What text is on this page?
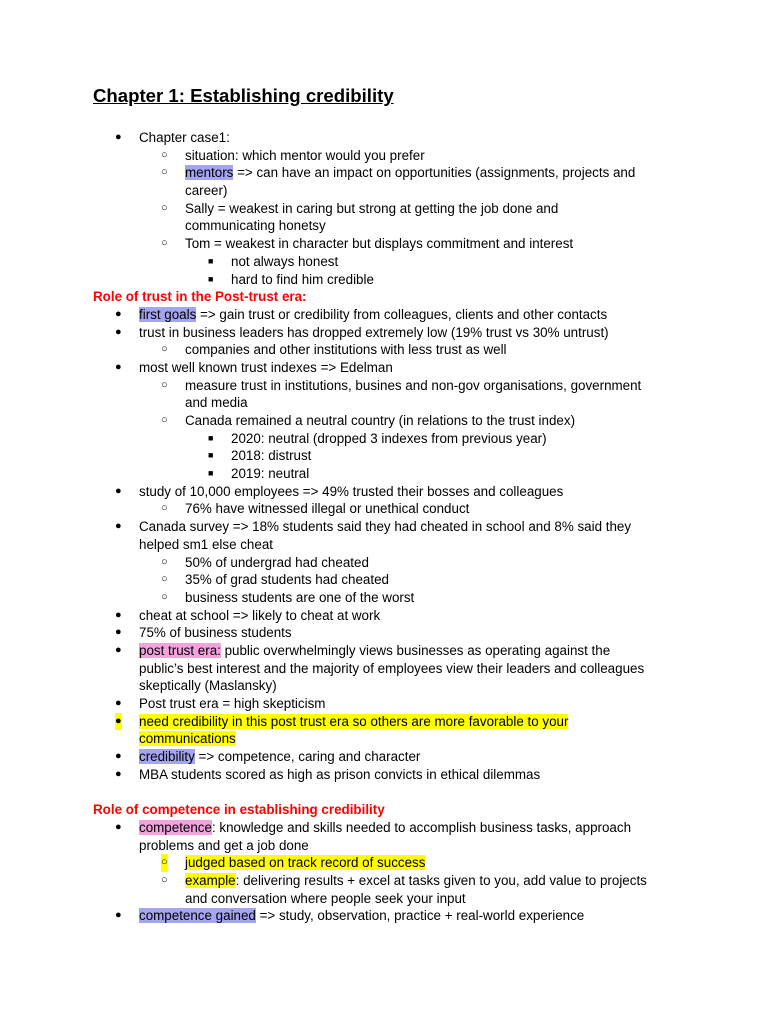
Chapter 1: Establishing credibility
● Chapter case1:
○ situation: which mentor would you prefer
○ mentors => can have an impact on opportunities (assignments, projects and
career)
○ Sally = weakest in caring but strong at getting the job done and
communicating honetsy
○ Tom = weakest in character but displays commitment and interest
■ not always honest
■ hard to find him credible
Role of trust in the Post-trust era:
● first goals => gain trust or credibility from colleagues, clients and other contacts
● trust in business leaders has dropped extremely low (19% trust vs 30% untrust)
○ companies and other institutions with less trust as well
● most well known trust indexes => Edelman
○ measure trust in institutions, busines and non-gov organisations, government
and media
○ Canada remained a neutral country (in relations to the trust index)
■ 2020: neutral (dropped 3 indexes from previous year)
■ 2018: distrust
■ 2019: neutral
● study of 10,000 employees => 49% trusted their bosses and colleagues
○ 76% have witnessed illegal or unethical conduct
● Canada survey => 18% students said they had cheated in school and 8% said they
helped sm1 else cheat
○ 50% of undergrad had cheated
○ 35% of grad students had cheated
○ business students are one of the worst
● cheat at school => likely to cheat at work
● 75% of business students
● post trust era: public overwhelmingly views businesses as operating against the
public’s best interest and the majority of employees view their leaders and colleagues
skeptically (Maslansky)
● Post trust era = high skepticism
● need credibility in this post trust era so others are more favorable to your
communications
● credibility => competence, caring and character
● MBA students scored as high as prison convicts in ethical dilemmas
Role of competence in establishing credibility
● competence: knowledge and skills needed to accomplish business tasks, approach
problems and get a job done
○ judged based on track record of success
○ example: delivering results + excel at tasks given to you, add value to projects
and conversation where people seek your input
● competence gained => study, observation, practice + real-world experience
